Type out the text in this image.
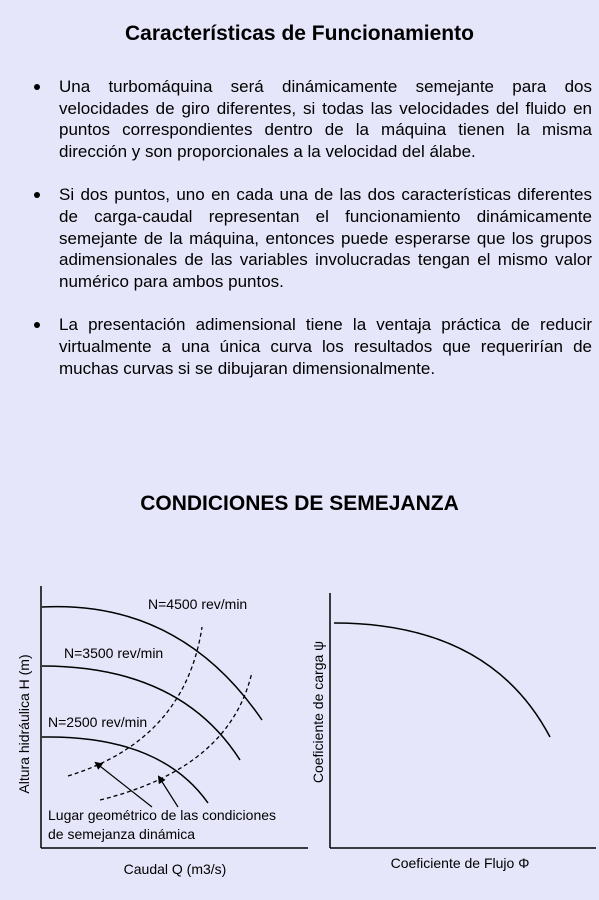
Características de Funcionamiento
Una turbomáquina será dinámicamente semejante para dos velocidades de giro diferentes, si todas las velocidades del fluido en puntos correspondientes dentro de la máquina tienen la misma dirección y son proporcionales a la velocidad del álabe.
Si dos puntos, uno en cada una de las dos características diferentes de carga-caudal representan el funcionamiento dinámicamente semejante de la máquina, entonces puede esperarse que los grupos adimensionales de las variables involucradas tengan el mismo valor numérico para ambos puntos.
La presentación adimensional tiene la ventaja práctica de reducir virtualmente a una única curva los resultados que requerirían de muchas curvas si se dibujaran dimensionalmente.
CONDICIONES DE SEMEJANZA
N=4500 rev/min
N=3500 rev/min
N=2500 rev/min
Lugar geométrico de las condiciones
de semejanza dinámica
Altura hidráulica H (m)
Caudal Q (m3/s)
Coeficiente de carga ψ
Coeficiente de Flujo Φ
